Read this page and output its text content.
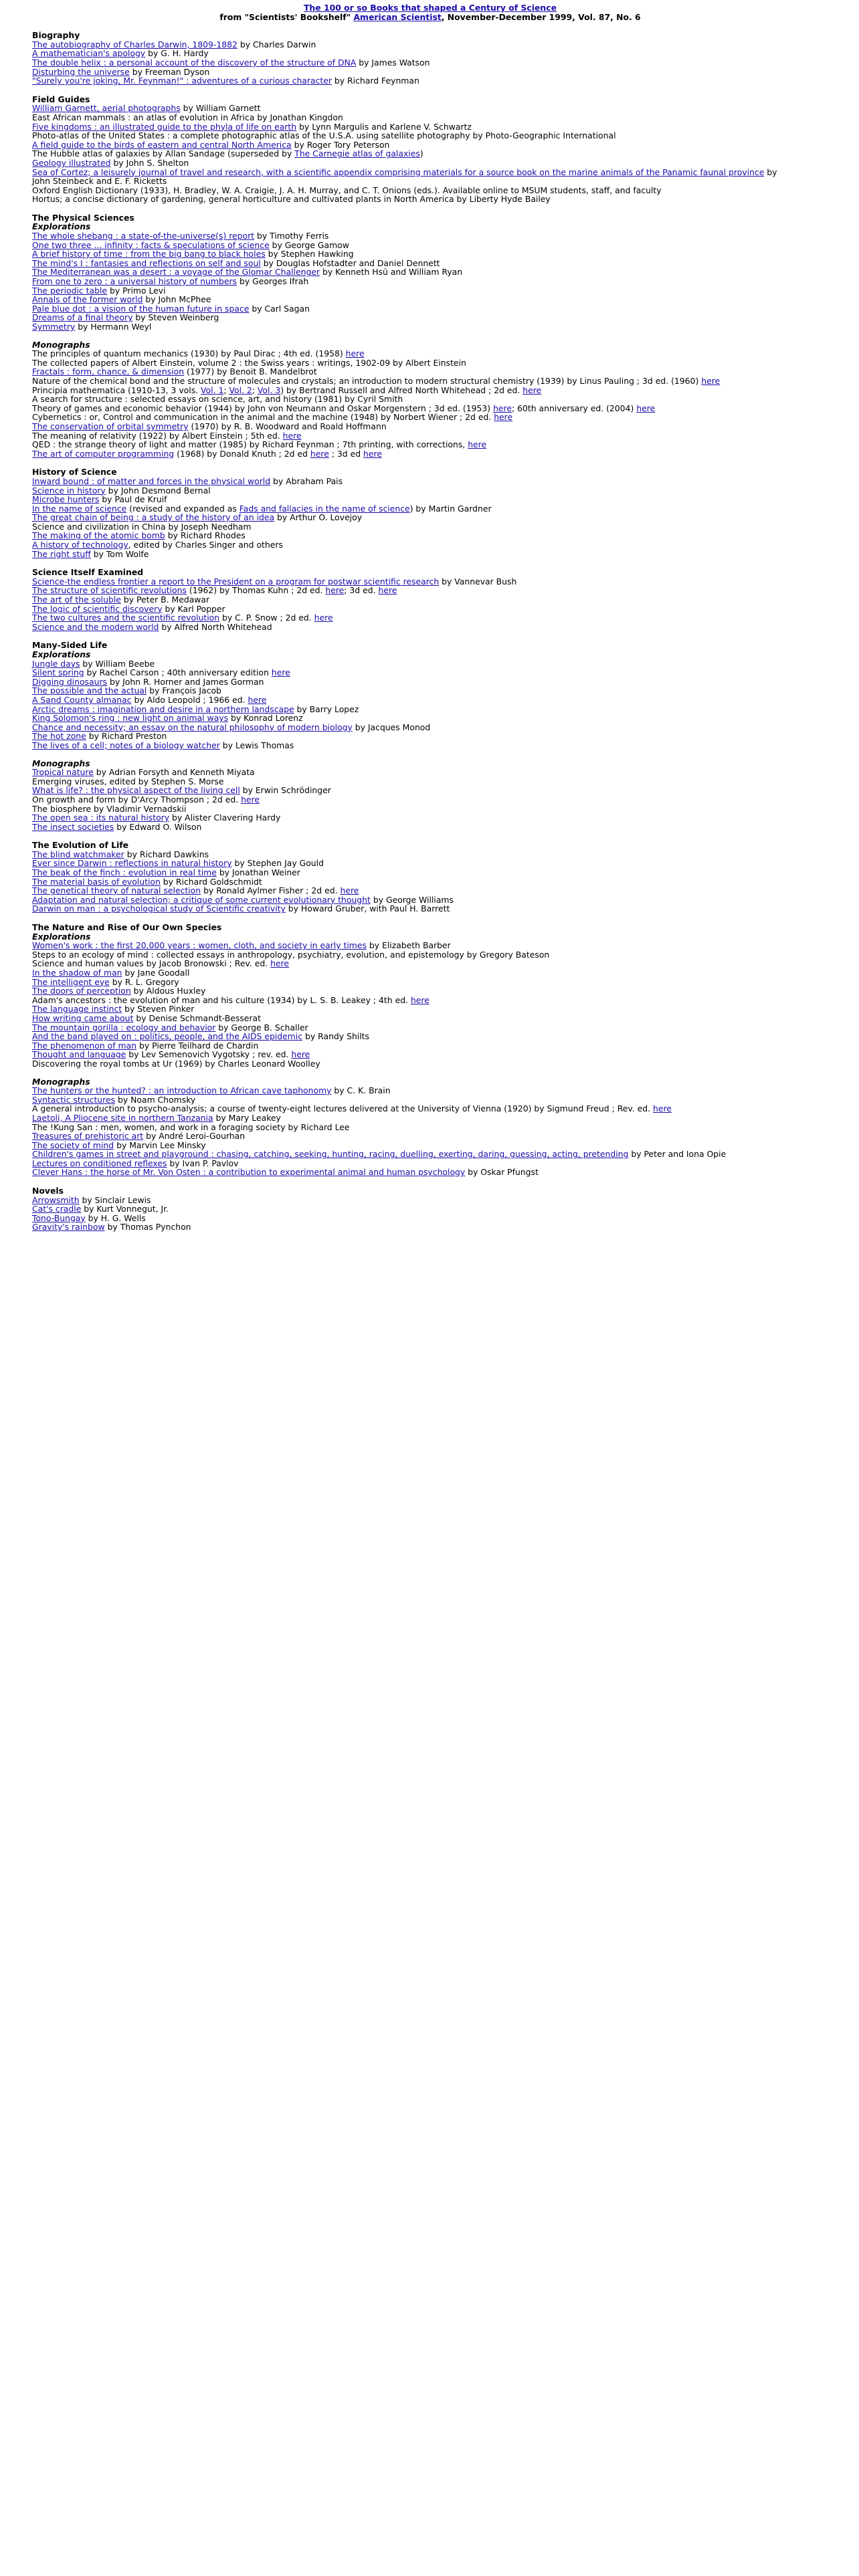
The 100 or so Books that shaped a Century of Science
from "Scientists' Bookshelf" American Scientist, November-December 1999, Vol. 87, No. 6
Biography
The autobiography of Charles Darwin, 1809-1882 by Charles Darwin
A mathematician's apology by G. H. Hardy
The double helix : a personal account of the discovery of the structure of DNA by James Watson
Disturbing the universe by Freeman Dyson
"Surely you're joking, Mr. Feynman!" : adventures of a curious character by Richard Feynman
Field Guides
William Garnett, aerial photographs by William Garnett
East African mammals : an atlas of evolution in Africa by Jonathan Kingdon
Five kingdoms : an illustrated guide to the phyla of life on earth by Lynn Margulis and Karlene V. Schwartz
Photo-atlas of the United States : a complete photographic atlas of the U.S.A. using satellite photography by Photo-Geographic International
A field guide to the birds of eastern and central North America by Roger Tory Peterson
The Hubble atlas of galaxies by Allan Sandage (superseded by The Carnegie atlas of galaxies)
Geology illustrated by John S. Shelton
Sea of Cortez; a leisurely journal of travel and research, with a scientific appendix comprising materials for a source book on the marine animals of the Panamic faunal province by
John Steinbeck and E. F. Ricketts
Oxford English Dictionary (1933), H. Bradley, W. A. Craigie, J. A. H. Murray, and C. T. Onions (eds.). Available online to MSUM students, staff, and faculty
Hortus; a concise dictionary of gardening, general horticulture and cultivated plants in North America by Liberty Hyde Bailey
The Physical Sciences
Explorations
The whole shebang : a state-of-the-universe(s) report by Timothy Ferris
One two three ... infinity : facts & speculations of science by George Gamow
A brief history of time : from the big bang to black holes by Stephen Hawking
The mind's I : fantasies and reflections on self and soul by Douglas Hofstadter and Daniel Dennett
The Mediterranean was a desert : a voyage of the Glomar Challenger by Kenneth Hsü and William Ryan
From one to zero : a universal history of numbers by Georges Ifrah
The periodic table by Primo Levi
Annals of the former world by John McPhee
Pale blue dot : a vision of the human future in space by Carl Sagan
Dreams of a final theory by Steven Weinberg
Symmetry by Hermann Weyl
Monographs
The principles of quantum mechanics (1930) by Paul Dirac ; 4th ed. (1958) here
The collected papers of Albert Einstein, volume 2 : the Swiss years : writings, 1902-09 by Albert Einstein
Fractals : form, chance, & dimension (1977) by Benoit B. Mandelbrot
Nature of the chemical bond and the structure of molecules and crystals; an introduction to modern structural chemistry (1939) by Linus Pauling ; 3d ed. (1960) here
Principia mathematica (1910-13, 3 vols. Vol. 1; Vol. 2; Vol. 3) by Bertrand Russell and Alfred North Whitehead ; 2d ed. here
A search for structure : selected essays on science, art, and history (1981) by Cyril Smith
Theory of games and economic behavior (1944) by John von Neumann and Oskar Morgenstern ; 3d ed. (1953) here; 60th anniversary ed. (2004) here
Cybernetics : or, Control and communication in the animal and the machine (1948) by Norbert Wiener ; 2d ed. here
The conservation of orbital symmetry (1970) by R. B. Woodward and Roald Hoffmann
The meaning of relativity (1922) by Albert Einstein ; 5th ed. here
QED : the strange theory of light and matter (1985) by Richard Feynman ; 7th printing, with corrections, here
The art of computer programming (1968) by Donald Knuth ; 2d ed here ; 3d ed here
History of Science
Inward bound : of matter and forces in the physical world by Abraham Pais
Science in history by John Desmond Bernal
Microbe hunters by Paul de Kruif
In the name of science (revised and expanded as Fads and fallacies in the name of science) by Martin Gardner
The great chain of being : a study of the history of an idea by Arthur O. Lovejoy
Science and civilization in China by Joseph Needham
The making of the atomic bomb by Richard Rhodes
A history of technology, edited by Charles Singer and others
The right stuff by Tom Wolfe
Science Itself Examined
Science-the endless frontier a report to the President on a program for postwar scientific research by Vannevar Bush
The structure of scientific revolutions (1962) by Thomas Kuhn ; 2d ed. here; 3d ed. here
The art of the soluble by Peter B. Medawar
The logic of scientific discovery by Karl Popper
The two cultures and the scientific revolution by C. P. Snow ; 2d ed. here
Science and the modern world by Alfred North Whitehead
Many-Sided Life
Explorations
Jungle days by William Beebe
Silent spring by Rachel Carson ; 40th anniversary edition here
Digging dinosaurs by John R. Horner and James Gorman
The possible and the actual by François Jacob
A Sand County almanac by Aldo Leopold ; 1966 ed. here
Arctic dreams : imagination and desire in a northern landscape by Barry Lopez
King Solomon's ring : new light on animal ways by Konrad Lorenz
Chance and necessity; an essay on the natural philosophy of modern biology by Jacques Monod
The hot zone by Richard Preston
The lives of a cell; notes of a biology watcher by Lewis Thomas
Monographs
Tropical nature by Adrian Forsyth and Kenneth Miyata
Emerging viruses, edited by Stephen S. Morse
What is life? : the physical aspect of the living cell by Erwin Schrödinger
On growth and form by D'Arcy Thompson ; 2d ed. here
The biosphere by Vladimir Vernadskii
The open sea : its natural history by Alister Clavering Hardy
The insect societies by Edward O. Wilson
The Evolution of Life
The blind watchmaker by Richard Dawkins
Ever since Darwin : reflections in natural history by Stephen Jay Gould
The beak of the finch : evolution in real time by Jonathan Weiner
The material basis of evolution by Richard Goldschmidt
The genetical theory of natural selection by Ronald Aylmer Fisher ; 2d ed. here
Adaptation and natural selection; a critique of some current evolutionary thought by George Williams
Darwin on man : a psychological study of Scientific creativity by Howard Gruber, with Paul H. Barrett
The Nature and Rise of Our Own Species
Explorations
Women's work : the first 20,000 years : women, cloth, and society in early times by Elizabeth Barber
Steps to an ecology of mind : collected essays in anthropology, psychiatry, evolution, and epistemology by Gregory Bateson
Science and human values by Jacob Bronowski ; Rev. ed. here
In the shadow of man by Jane Goodall
The intelligent eye by R. L. Gregory
The doors of perception by Aldous Huxley
Adam's ancestors : the evolution of man and his culture (1934) by L. S. B. Leakey ; 4th ed. here
The language instinct by Steven Pinker
How writing came about by Denise Schmandt-Besserat
The mountain gorilla : ecology and behavior by George B. Schaller
And the band played on : politics, people, and the AIDS epidemic by Randy Shilts
The phenomenon of man by Pierre Teilhard de Chardin
Thought and language by Lev Semenovich Vygotsky ; rev. ed. here
Discovering the royal tombs at Ur (1969) by Charles Leonard Woolley
Monographs
The hunters or the hunted? : an introduction to African cave taphonomy by C. K. Brain
Syntactic structures by Noam Chomsky
A general introduction to psycho-analysis; a course of twenty-eight lectures delivered at the University of Vienna (1920) by Sigmund Freud ; Rev. ed. here
Laetoli, A Pliocene site in northern Tanzania by Mary Leakey
The !Kung San : men, women, and work in a foraging society by Richard Lee
Treasures of prehistoric art by André Leroi-Gourhan
The society of mind by Marvin Lee Minsky
Children's games in street and playground : chasing, catching, seeking, hunting, racing, duelling, exerting, daring, guessing, acting, pretending by Peter and Iona Opie
Lectures on conditioned reflexes by Ivan P. Pavlov
Clever Hans : the horse of Mr. Von Osten : a contribution to experimental animal and human psychology by Oskar Pfungst
Novels
Arrowsmith by Sinclair Lewis
Cat's cradle by Kurt Vonnegut, Jr.
Tono-Bungay by H. G. Wells
Gravity's rainbow by Thomas Pynchon
